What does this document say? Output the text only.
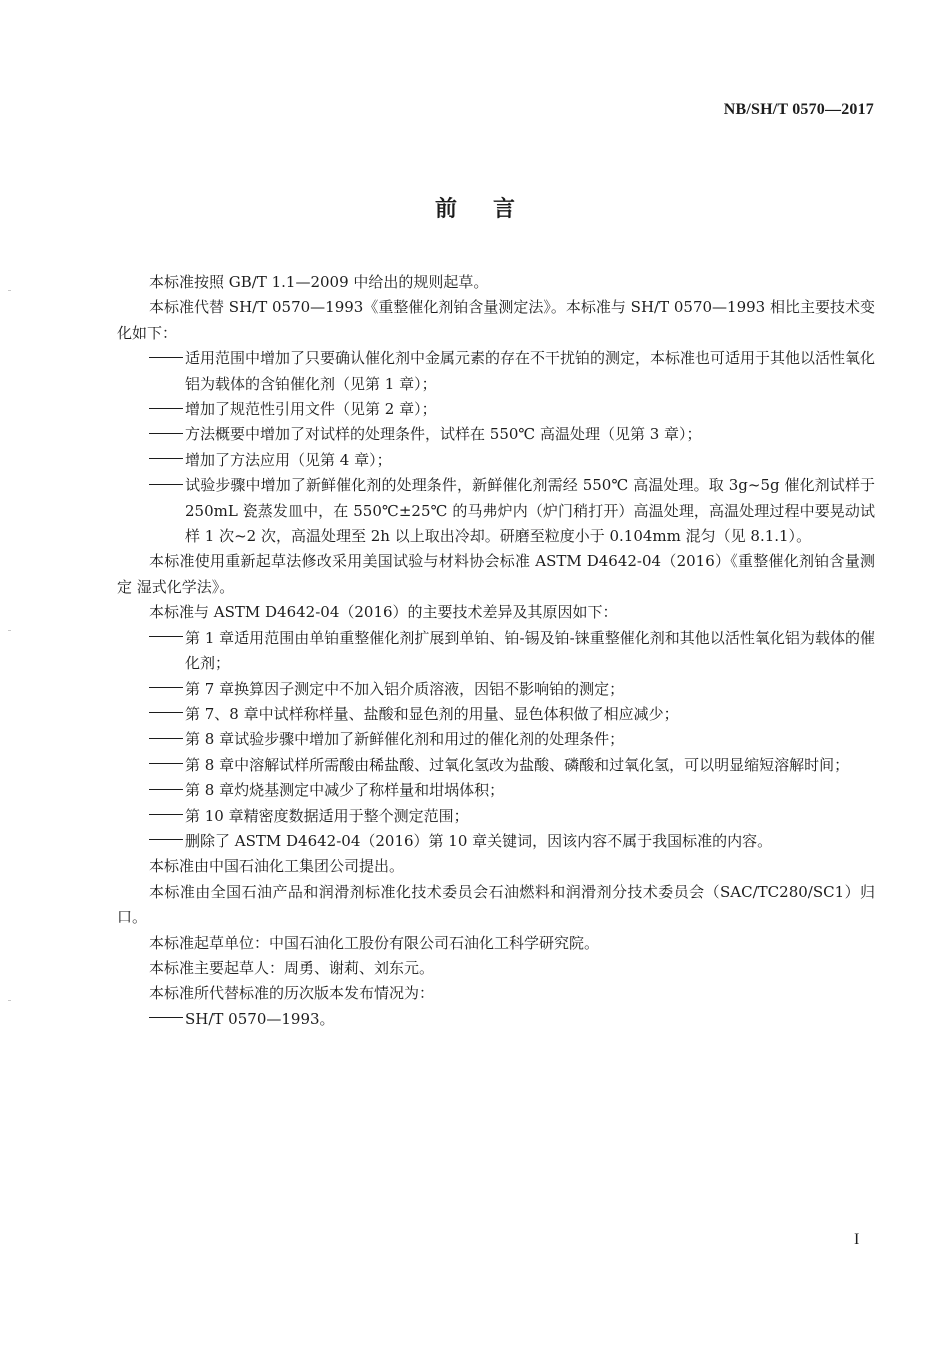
NB/SH/T 0570—2017
前言

本标准按照 GB/T 1.1—2009 中给出的规则起草。

本标准代替 SH/T 0570—1993《重整催化剂铂含量测定法》。本标准与 SH/T 0570—1993 相比主要技术变化如下：

适用范围中增加了只要确认催化剂中金属元素的存在不干扰铂的测定，本标准也可适用于其他以活性氧化铝为载体的含铂催化剂（见第 1 章）；

增加了规范性引用文件（见第 2 章）；

方法概要中增加了对试样的处理条件，试样在 550℃ 高温处理（见第 3 章）；

增加了方法应用（见第 4 章）；

试验步骤中增加了新鲜催化剂的处理条件，新鲜催化剂需经 550℃ 高温处理。取 3g~5g 催化剂试样于 250mL 瓷蒸发皿中，在 550℃±25℃ 的马弗炉内（炉门稍打开）高温处理，高温处理过程中要晃动试样 1 次~2 次，高温处理至 2h 以上取出冷却。研磨至粒度小于 0.104mm 混匀（见 8.1.1）。

本标准使用重新起草法修改采用美国试验与材料协会标准 ASTM D4642-04（2016）《重整催化剂铂含量测定 湿式化学法》。

本标准与 ASTM D4642-04（2016）的主要技术差异及其原因如下：

第 1 章适用范围由单铂重整催化剂扩展到单铂、铂-锡及铂-铼重整催化剂和其他以活性氧化铝为载体的催化剂；

第 7 章换算因子测定中不加入铝介质溶液，因铝不影响铂的测定；

第 7、8 章中试样称样量、盐酸和显色剂的用量、显色体积做了相应减少；

第 8 章试验步骤中增加了新鲜催化剂和用过的催化剂的处理条件；

第 8 章中溶解试样所需酸由稀盐酸、过氧化氢改为盐酸、磷酸和过氧化氢，可以明显缩短溶解时间；

第 8 章灼烧基测定中减少了称样量和坩埚体积；

第 10 章精密度数据适用于整个测定范围；

删除了 ASTM D4642-04（2016）第 10 章关键词，因该内容不属于我国标准的内容。

本标准由中国石油化工集团公司提出。

本标准由全国石油产品和润滑剂标准化技术委员会石油燃料和润滑剂分技术委员会（SAC/TC280/SC1）归口。

本标准起草单位：中国石油化工股份有限公司石油化工科学研究院。

本标准主要起草人：周勇、谢莉、刘东元。

本标准所代替标准的历次版本发布情况为：

SH/T 0570—1993。

I
